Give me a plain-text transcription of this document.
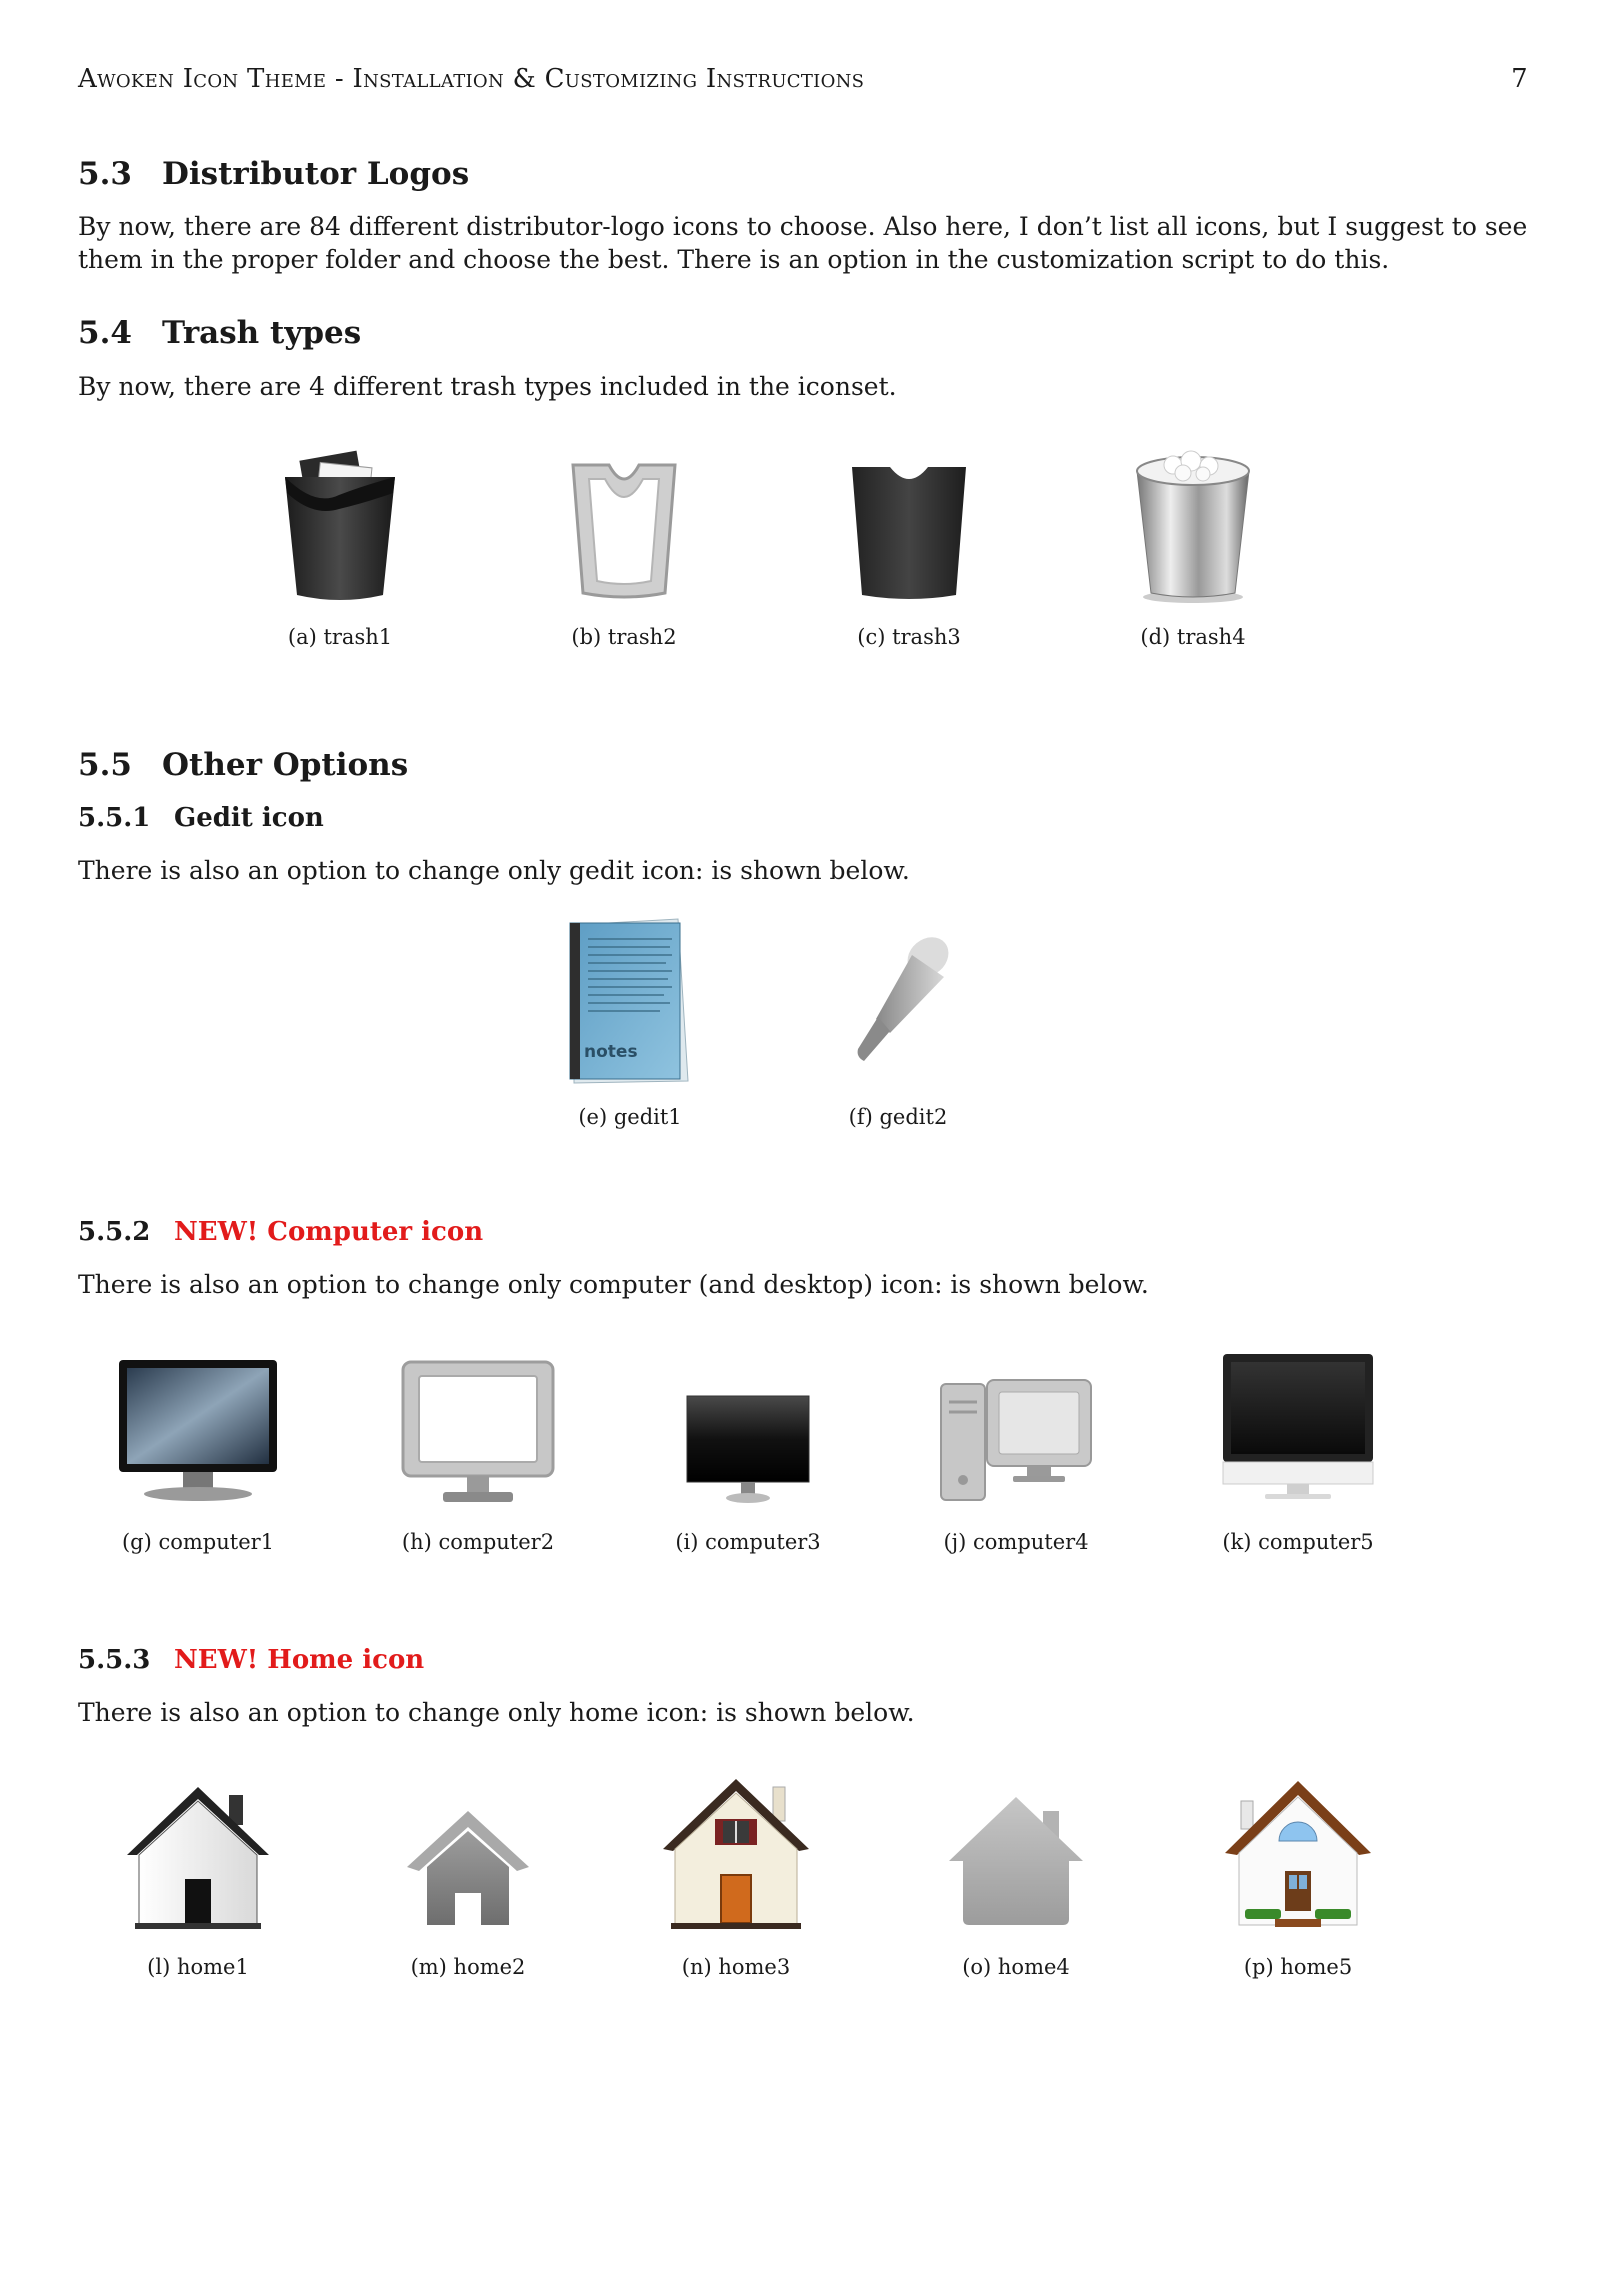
Awoken Icon Theme - Installation & Customizing Instructions	7
5.3 Distributor Logos
By now, there are 84 different distributor-logo icons to choose. Also here, I don’t list all icons, but I suggest to see them in the proper folder and choose the best. There is an option in the customization script to do this.
5.4 Trash types
By now, there are 4 different trash types included in the iconset.
(a) trash1	(b) trash2	(c) trash3	(d) trash4
5.5 Other Options
5.5.1 Gedit icon
There is also an option to change only gedit icon: is shown below.
notes
(e) gedit1	(f) gedit2
5.5.2 NEW! Computer icon
There is also an option to change only computer (and desktop) icon: is shown below.
(g) computer1	(h) computer2	(i) computer3	(j) computer4	(k) computer5
5.5.3 NEW! Home icon
There is also an option to change only home icon: is shown below.
(l) home1	(m) home2	(n) home3	(o) home4	(p) home5
